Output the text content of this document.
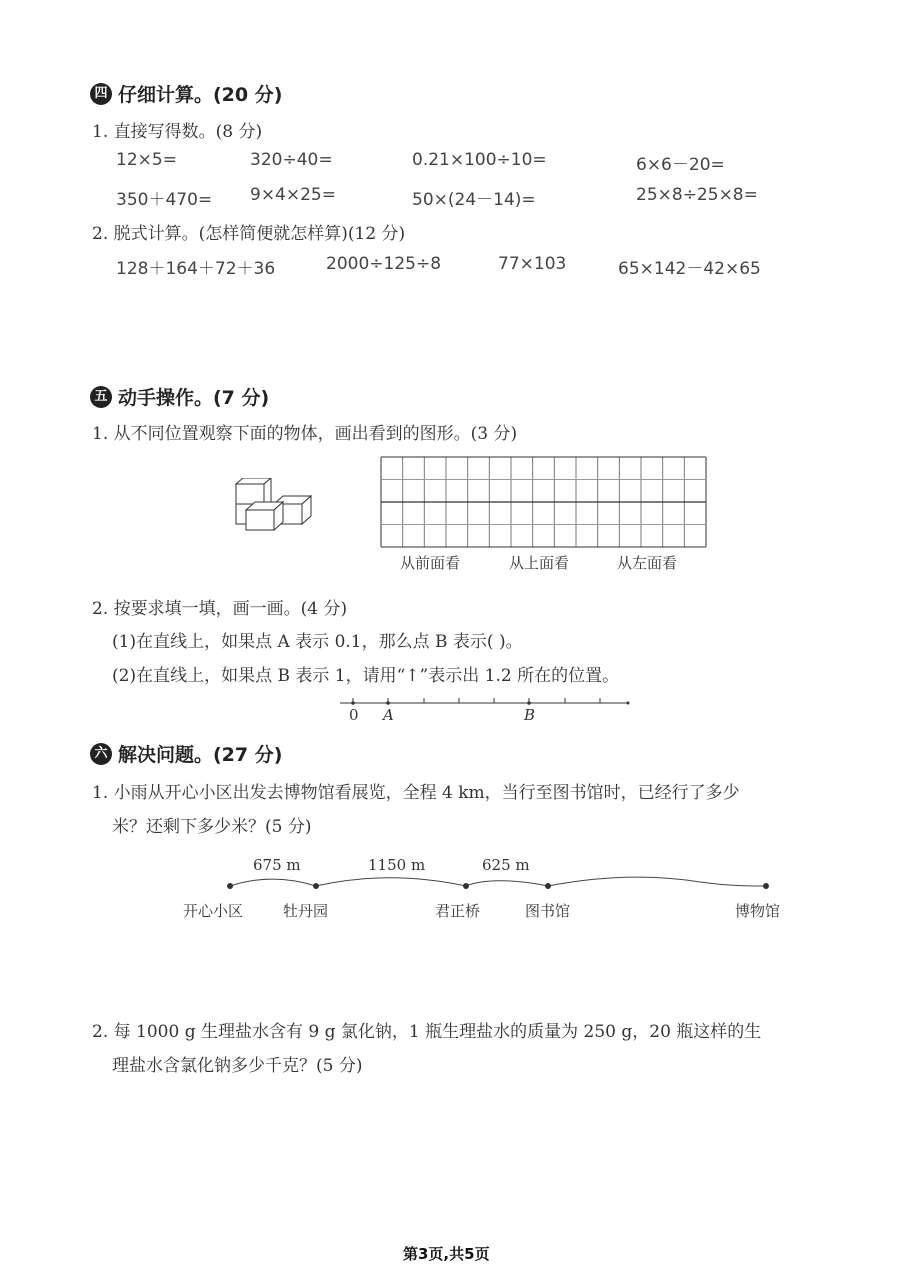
四 仔细计算。(20 分)
1. 直接写得数。(8 分)
12×5=	320÷40=	0.21×100÷10=	6×6－20=
350＋470= 9×4×25=	50×(24－14)=	25×8÷25×8=
2. 脱式计算。(怎样简便就怎样算)(12 分)
128＋164＋72＋36	2000÷125÷8	77×103	65×142－42×65
五 动手操作。(7 分)
1. 从不同位置观察下面的物体，画出看到的图形。(3 分)
从前面看	从上面看	从左面看
2. 按要求填一填，画一画。(4 分)
(1)在直线上，如果点 A 表示 0.1，那么点 B 表示( )。
(2)在直线上，如果点 B 表示 1，请用“↑”表示出 1.2 所在的位置。
0 A	B
六 解决问题。(27 分)
1. 小雨从开心小区出发去博物馆看展览，全程 4 km，当行至图书馆时，已经行了多少
米？还剩下多少米？(5 分)
675 m	1150 m	625 m
开心小区	牡丹园	君正桥	图书馆	博物馆
2. 每 1000 g 生理盐水含有 9 g 氯化钠，1 瓶生理盐水的质量为 250 g，20 瓶这样的生
理盐水含氯化钠多少千克？(5 分)
第3页,共5页
